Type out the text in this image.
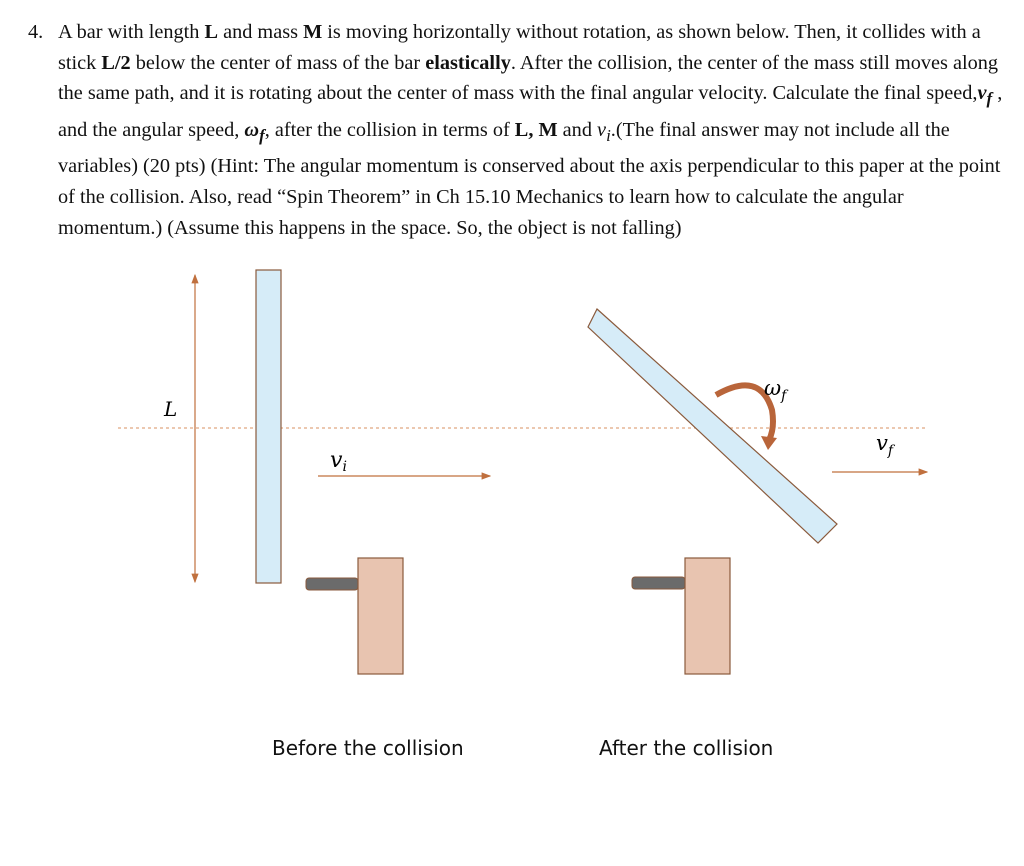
4. A bar with length L and mass M is moving horizontally without rotation, as shown below. Then, it collides with a stick L/2 below the center of mass of the bar elastically. After the collision, the center of the mass still moves along the same path, and it is rotating about the center of mass with the final angular velocity. Calculate the final $speed,v_f$ , and the angular speed, $\omega_f$, after the collision in terms of L, M and $v_i.(The$ final answer may not include all the variables) (20 pts) (Hint: The angular momentum is conserved about the axis perpendicular to this paper at the point of the collision. Also, read “Spin Theorem” in Ch 15.10 Mechanics to learn how to calculate the angular momentum.) (Assume this happens in the space. So, the object is not falling)
L
vi
$\omega_f$
$v_f$
Before the collision	After the collision
